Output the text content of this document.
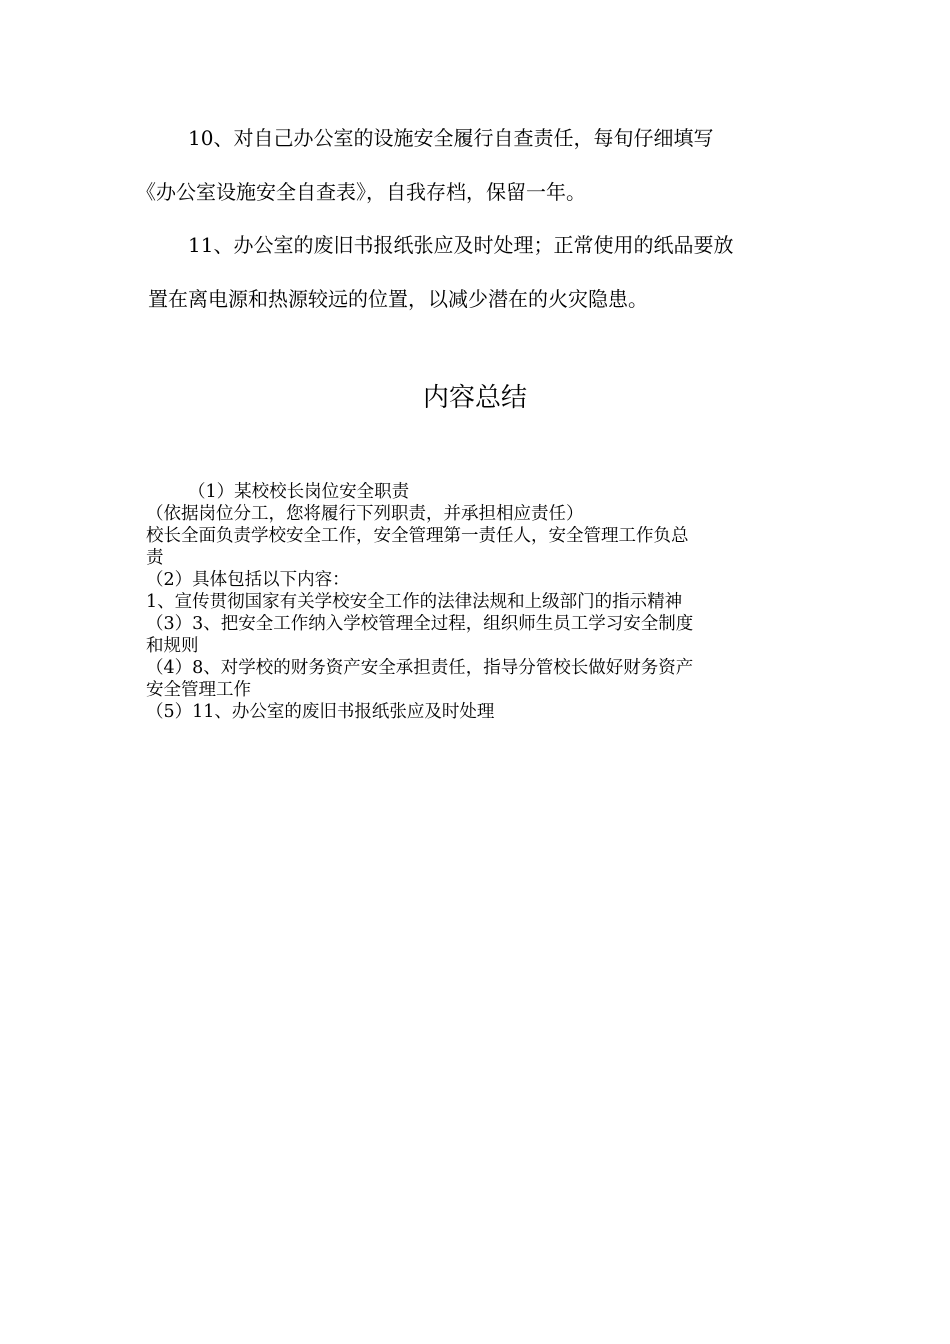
10、对自己办公室的设施安全履行自查责任，每旬仔细填写

《办公室设施安全自查表》，自我存档，保留一年。

11、办公室的废旧书报纸张应及时处理；正常使用的纸品要放

置在离电源和热源较远的位置，以减少潜在的火灾隐患。

内容总结
（1）某校校长岗位安全职责
（依据岗位分工，您将履行下列职责，并承担相应责任）
校长全面负责学校安全工作，安全管理第一责任人，安全管理工作负总
责
（2）具体包括以下内容：
1、宣传贯彻国家有关学校安全工作的法律法规和上级部门的指示精神
（3）3、把安全工作纳入学校管理全过程，组织师生员工学习安全制度
和规则
（4）8、对学校的财务资产安全承担责任，指导分管校长做好财务资产
安全管理工作
（5）11、办公室的废旧书报纸张应及时处理
